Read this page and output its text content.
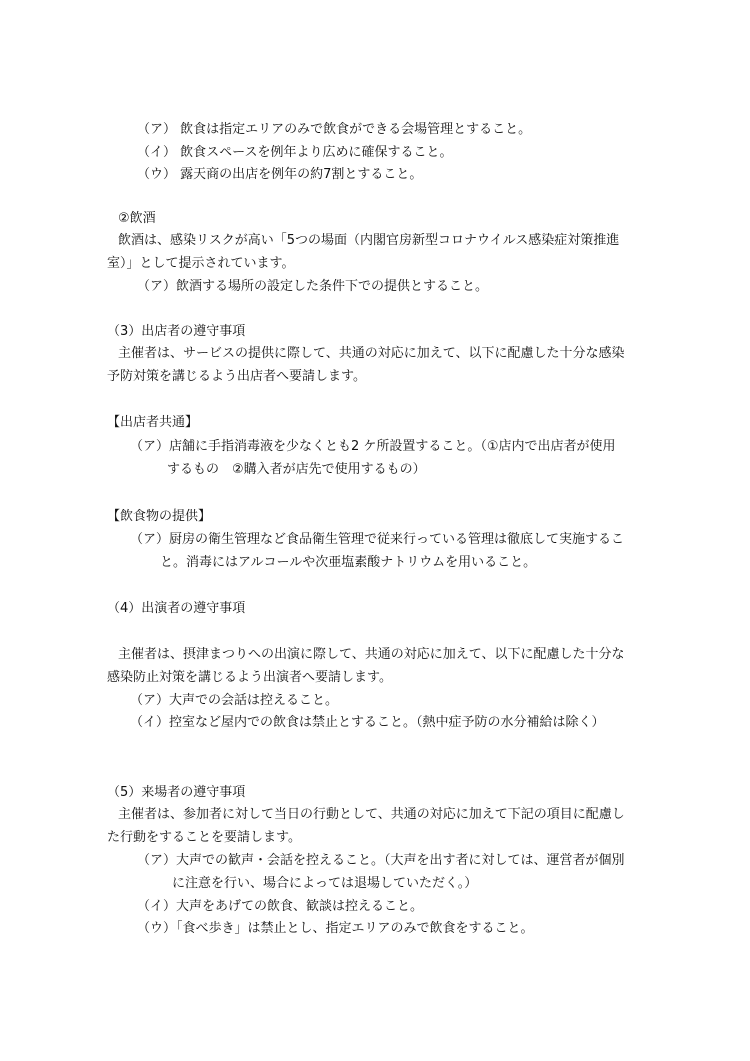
（ア） 飲食は指定エリアのみで飲食ができる会場管理とすること。
（イ） 飲食スペースを例年より広めに確保すること。
（ウ） 露天商の出店を例年の約7割とすること。
②飲酒
飲酒は、感染リスクが高い「5つの場面（内閣官房新型コロナウイルス感染症対策推進
室）」として提示されています。
（ア）飲酒する場所の設定した条件下での提供とすること。
（3）出店者の遵守事項
主催者は、サービスの提供に際して、共通の対応に加えて、以下に配慮した十分な感染
予防対策を講じるよう出店者へ要請します。
【出店者共通】
（ア）店舗に手指消毒液を少なくとも2 ケ所設置すること。（①店内で出店者が使用
するもの　②購入者が店先で使用するもの）
【飲食物の提供】
（ア）厨房の衛生管理など食品衛生管理で従来行っている管理は徹底して実施するこ
と。消毒にはアルコールや次亜塩素酸ナトリウムを用いること。
（4）出演者の遵守事項
主催者は、摂津まつりへの出演に際して、共通の対応に加えて、以下に配慮した十分な
感染防止対策を講じるよう出演者へ要請します。
（ア）大声での会話は控えること。
（イ）控室など屋内での飲食は禁止とすること。（熱中症予防の水分補給は除く）
（5）来場者の遵守事項
主催者は、参加者に対して当日の行動として、共通の対応に加えて下記の項目に配慮し
た行動をすることを要請します。
（ア）大声での歓声・会話を控えること。（大声を出す者に対しては、運営者が個別
に注意を行い、場合によっては退場していただく。）
（イ）大声をあげての飲食、歓談は控えること。
（ウ）「食べ歩き」は禁止とし、指定エリアのみで飲食をすること。
